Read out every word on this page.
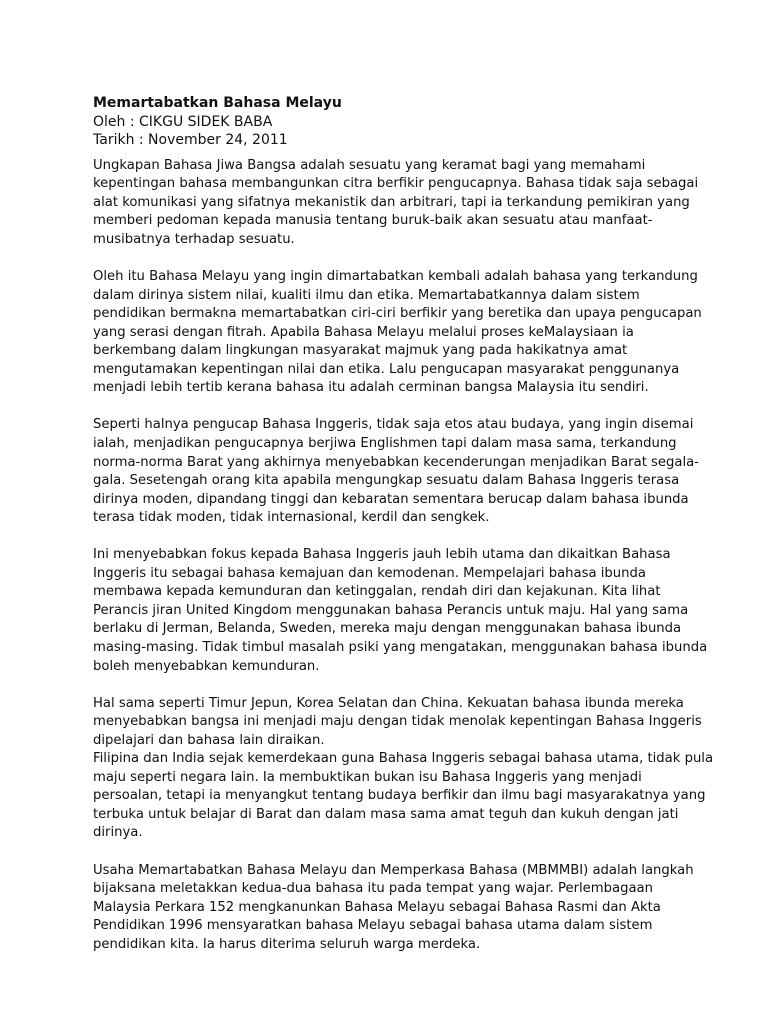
Memartabatkan Bahasa Melayu

Oleh : CIKGU SIDEK BABA

Tarikh : November 24, 2011

Ungkapan Bahasa Jiwa Bangsa adalah sesuatu yang keramat bagi yang memahami
kepentingan bahasa membangunkan citra berfikir pengucapnya. Bahasa tidak saja sebagai
alat komunikasi yang sifatnya mekanistik dan arbitrari, tapi ia terkandung pemikiran yang
memberi pedoman kepada manusia tentang buruk-baik akan sesuatu atau manfaat-
musibatnya terhadap sesuatu.

Oleh itu Bahasa Melayu yang ingin dimartabatkan kembali adalah bahasa yang terkandung
dalam dirinya sistem nilai, kualiti ilmu dan etika. Memartabatkannya dalam sistem
pendidikan bermakna memartabatkan ciri-ciri berfikir yang beretika dan upaya pengucapan
yang serasi dengan fitrah. Apabila Bahasa Melayu melalui proses keMalaysiaan ia
berkembang dalam lingkungan masyarakat majmuk yang pada hakikatnya amat
mengutamakan kepentingan nilai dan etika. Lalu pengucapan masyarakat penggunanya
menjadi lebih tertib kerana bahasa itu adalah cerminan bangsa Malaysia itu sendiri.

Seperti halnya pengucap Bahasa Inggeris, tidak saja etos atau budaya, yang ingin disemai
ialah, menjadikan pengucapnya berjiwa Englishmen tapi dalam masa sama, terkandung
norma-norma Barat yang akhirnya menyebabkan kecenderungan menjadikan Barat segala-
gala. Sesetengah orang kita apabila mengungkap sesuatu dalam Bahasa Inggeris terasa
dirinya moden, dipandang tinggi dan kebaratan sementara berucap dalam bahasa ibunda
terasa tidak moden, tidak internasional, kerdil dan sengkek.

Ini menyebabkan fokus kepada Bahasa Inggeris jauh lebih utama dan dikaitkan Bahasa
Inggeris itu sebagai bahasa kemajuan dan kemodenan. Mempelajari bahasa ibunda
membawa kepada kemunduran dan ketinggalan, rendah diri dan kejakunan. Kita lihat
Perancis jiran United Kingdom menggunakan bahasa Perancis untuk maju. Hal yang sama
berlaku di Jerman, Belanda, Sweden, mereka maju dengan menggunakan bahasa ibunda
masing-masing. Tidak timbul masalah psiki yang mengatakan, menggunakan bahasa ibunda
boleh menyebabkan kemunduran.

Hal sama seperti Timur Jepun, Korea Selatan dan China. Kekuatan bahasa ibunda mereka
menyebabkan bangsa ini menjadi maju dengan tidak menolak kepentingan Bahasa Inggeris
dipelajari dan bahasa lain diraikan.

Filipina dan India sejak kemerdekaan guna Bahasa Inggeris sebagai bahasa utama, tidak pula
maju seperti negara lain. Ia membuktikan bukan isu Bahasa Inggeris yang menjadi
persoalan, tetapi ia menyangkut tentang budaya berfikir dan ilmu bagi masyarakatnya yang
terbuka untuk belajar di Barat dan dalam masa sama amat teguh dan kukuh dengan jati
dirinya.

Usaha Memartabatkan Bahasa Melayu dan Memperkasa Bahasa (MBMMBI) adalah langkah
bijaksana meletakkan kedua-dua bahasa itu pada tempat yang wajar. Perlembagaan
Malaysia Perkara 152 mengkanunkan Bahasa Melayu sebagai Bahasa Rasmi dan Akta
Pendidikan 1996 mensyaratkan bahasa Melayu sebagai bahasa utama dalam sistem
pendidikan kita. Ia harus diterima seluruh warga merdeka.
